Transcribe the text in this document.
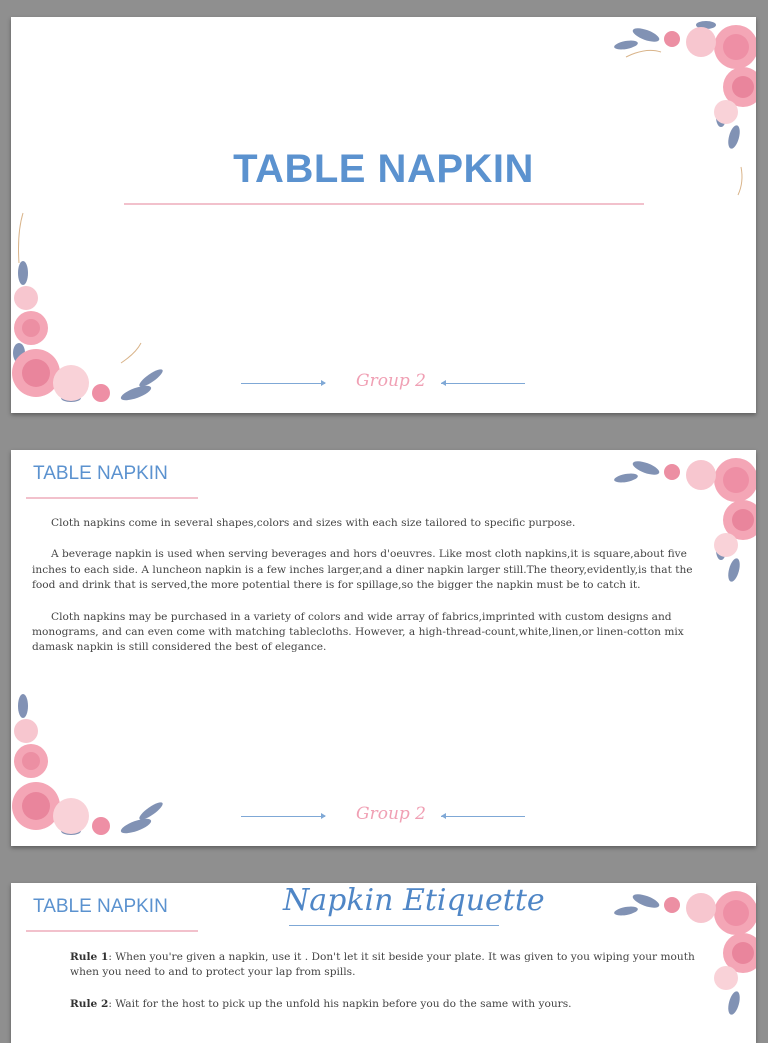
TABLE NAPKIN
Group 2
TABLE NAPKIN

Cloth napkins come in several shapes,colors and sizes with each size tailored to specific purpose.

A beverage napkin is used when serving beverages and hors d'oeuvres. Like most cloth napkins,it is square,about five inches to each side. A luncheon napkin is a few inches larger,and a diner napkin larger still.The theory,evidently,is that the food and drink that is served,the more potential there is for spillage,so the bigger the napkin must be to catch it.

Cloth napkins may be purchased in a variety of colors and wide array of fabrics,imprinted with custom designs and monograms, and can even come with matching tablecloths. However, a high-thread-count,white,linen,or linen-cotton mix damask napkin is still considered the best of elegance.

Group 2
TABLE NAPKIN	Napkin Etiquette

Rule 1: When you're given a napkin, use it . Don't let it sit beside your plate. It was given to you wiping your mouth when you need to and to protect your lap from spills.

Rule 2: Wait for the host to pick up the unfold his napkin before you do the same with yours.
